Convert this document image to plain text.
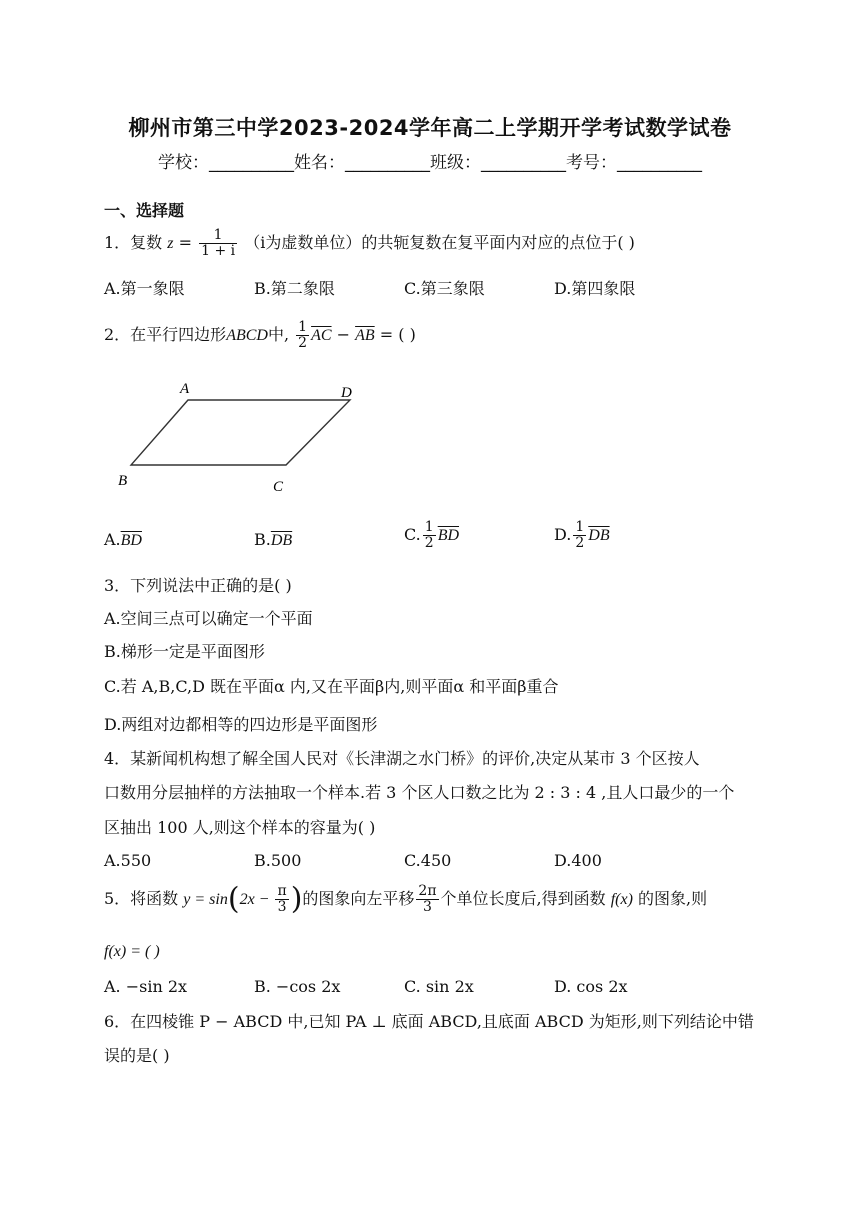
柳州市第三中学2023-2024学年高二上学期开学考试数学试卷
学校：__________姓名：__________班级：__________考号：__________
一、选择题
1．复数 $z = \frac{1}{1 + i} (i$为虚数单位）的共轭复数在复平面内对应的点位于( )
A.第一象限	B.第二象限	C.第三象限	D.第四象限
2．在平行四边形ABCD中, $\frac{1}{2} \overline{AC} - \overline{AB}$ = ( )
A	D
B	C
$A.\overline{BD}$	$B.\overline{DB}$	C. $\frac{1}{2} \overline{BD}$	D. $\frac{1}{2} \overline{DB}$
3．下列说法中正确的是( )
A.空间三点可以确定一个平面
B.梯形一定是平面图形
C.若 A,B,C,D 既在平面α 内,又在平面β内,则平面α 和平面β重合
D.两组对边都相等的四边形是平面图形
4．某新闻机构想了解全国人民对《长津湖之水门桥》的评价,决定从某市 3 个区按人
口数用分层抽样的方法抽取一个样本.若 3 个区人口数之比为 2 : 3 : 4 ,且人口最少的一个
区抽出 100 人,则这个样本的容量为( )
A.550	B.500	C.450	D.400
5．将函数 $y = \sin(2x - \frac{\pi}{3}$ )的图象向左平移 $\frac{2\pi}{3}$ 个单位长度后,得到函数 f(x) 的图象,则
f(x) = ( )
A. −sin 2x	B. −cos 2x	C. sin 2x	D. cos 2x
6．在四棱锥 P − ABCD 中,已知 PA ⊥ 底面 ABCD,且底面 ABCD 为矩形,则下列结论中错
误的是( )
